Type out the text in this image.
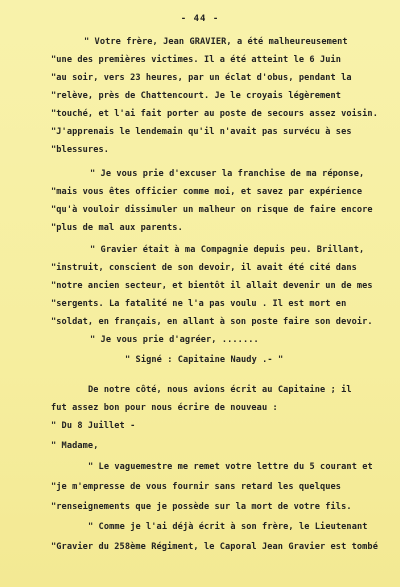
- 44 -
" Votre frère, Jean GRAVIER, a été malheureusement
"une des premières victimes. Il a été atteint le 6 Juin
"au soir, vers 23 heures, par un éclat d'obus, pendant la
"relève, près de Chattencourt. Je le croyais légèrement
"touché, et l'ai fait porter au poste de secours assez voisin.
"J'apprenais le lendemain qu'il n'avait pas survécu à ses
"blessures.
" Je vous prie d'excuser la franchise de ma réponse,
"mais vous êtes officier comme moi, et savez par expérience
"qu'à vouloir dissimuler un malheur on risque de faire encore
"plus de mal aux parents.
" Gravier était à ma Compagnie depuis peu. Brillant,
"instruit, conscient de son devoir, il avait été cité dans
"notre ancien secteur, et bientôt il allait devenir un de mes
"sergents. La fatalité ne l'a pas voulu . Il est mort en
"soldat, en français, en allant à son poste faire son devoir.
" Je vous prie d'agréer, .......
" Signé : Capitaine Naudy .- "
De notre côté, nous avions écrit au Capitaine ; il
fut assez bon pour nous écrire de nouveau :
" Du 8 Juillet -
" Madame,
" Le vaguemestre me remet votre lettre du 5 courant et
"je m'empresse de vous fournir sans retard les quelques
"renseignements que je possède sur la mort de votre fils.
" Comme je l'ai déjà écrit à son frère, le Lieutenant
"Gravier du 258ème Régiment, le Caporal Jean Gravier est tombé
